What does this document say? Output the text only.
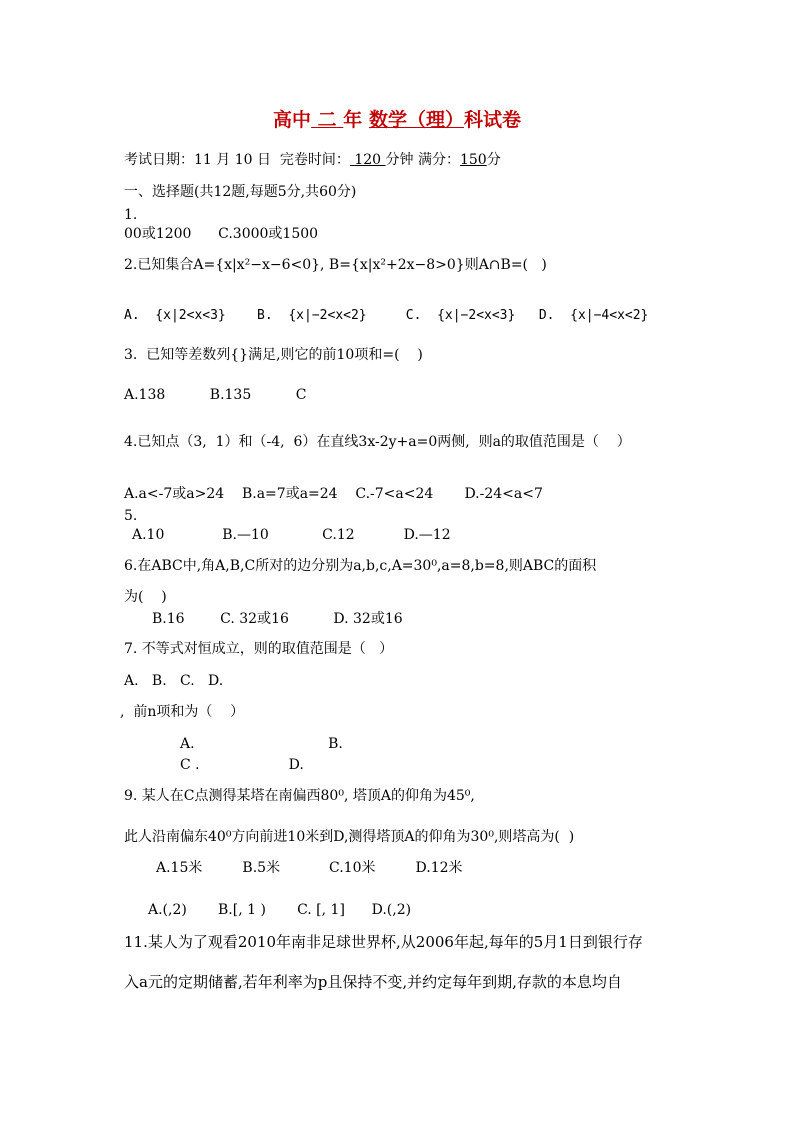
高中 二 年 数学（理）科试卷
考试日期：11 月 10 日 完卷时间： 120 分钟 满分：150分
一、选择题(共12题,每题5分,共60分)
1.
00或1200      C.3000或1500
2.已知集合A={x|x²−x−6<0}, B={x|x²+2x−8>0}则A∩B=(   )
A.  {x|2<x<3}    B.  {x|−2<x<2}     C.  {x|−2<x<3}   D.  {x|−4<x<2}
3.  已知等差数列{}满足,则它的前10项和=(    )
A.138          B.135          C
4.已知点（3,  1）和（-4,  6）在直线3x-2y+a=0两侧,  则a的取值范围是（    ）
A.a<-7或a>24    B.a=7或a=24    C.-7<a<24       D.-24<a<7
5.
A.10             B.—10            C.12           D.—12
6.在ABC中,角A,B,C所对的边分别为a,b,c,A=30⁰,a=8,b=8,则ABC的面积
为(    )
B.16        C. 32或16          D. 32或16
7. 不等式对恒成立，则的取值范围是（   ）
A.   B.   C.   D.
,  前n项和为（    ）
A.                              B.
C .                    D.
9. 某人在C点测得某塔在南偏西80⁰, 塔顶A的仰角为45⁰,
此人沿南偏东40⁰方向前进10米到D,测得塔顶A的仰角为30⁰,则塔高为(  )
A.15米         B.5米           C.10米         D.12米
A.(,2)       B.[, 1 )       C. [, 1]      D.(,2)
11.某人为了观看2010年南非足球世界杯,从2006年起,每年的5月1日到银行存
入a元的定期储蓄,若年利率为p且保持不变,并约定每年到期,存款的本息均自
